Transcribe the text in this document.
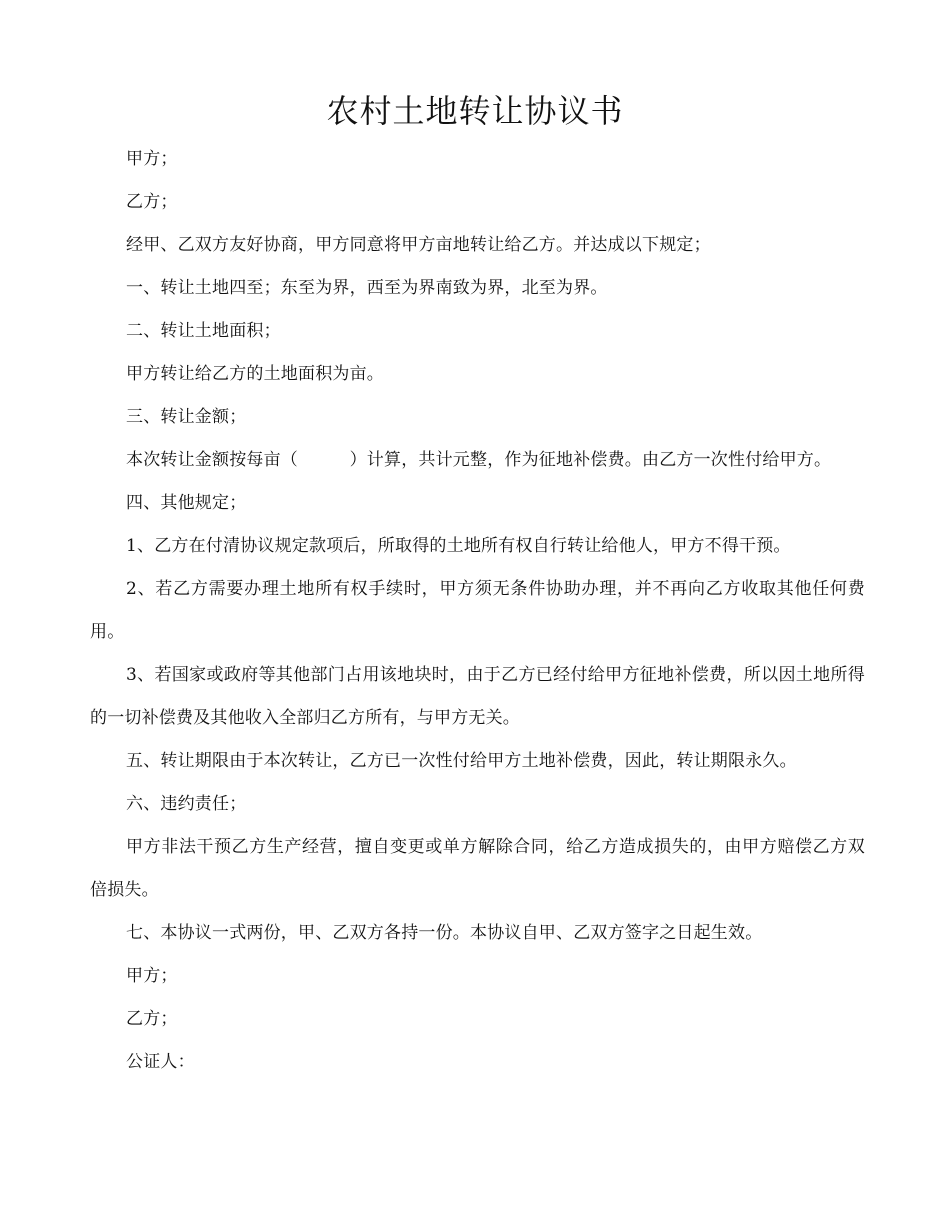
农村土地转让协议书

甲方；

乙方；

经甲、乙双方友好协商，甲方同意将甲方亩地转让给乙方。并达成以下规定；

一、转让土地四至；东至为界，西至为界南致为界，北至为界。

二、转让土地面积；

甲方转让给乙方的土地面积为亩。

三、转让金额；

本次转让金额按每亩（　　　）计算，共计元整，作为征地补偿费。由乙方一次性付给甲方。

四、其他规定；

1、乙方在付清协议规定款项后，所取得的土地所有权自行转让给他人，甲方不得干预。

2、若乙方需要办理土地所有权手续时，甲方须无条件协助办理，并不再向乙方收取其他任何费用。

3、若国家或政府等其他部门占用该地块时，由于乙方已经付给甲方征地补偿费，所以因土地所得的一切补偿费及其他收入全部归乙方所有，与甲方无关。

五、转让期限由于本次转让，乙方已一次性付给甲方土地补偿费，因此，转让期限永久。

六、违约责任；

甲方非法干预乙方生产经营，擅自变更或单方解除合同，给乙方造成损失的，由甲方赔偿乙方双倍损失。

七、本协议一式两份，甲、乙双方各持一份。本协议自甲、乙双方签字之日起生效。

甲方；

乙方；

公证人：
